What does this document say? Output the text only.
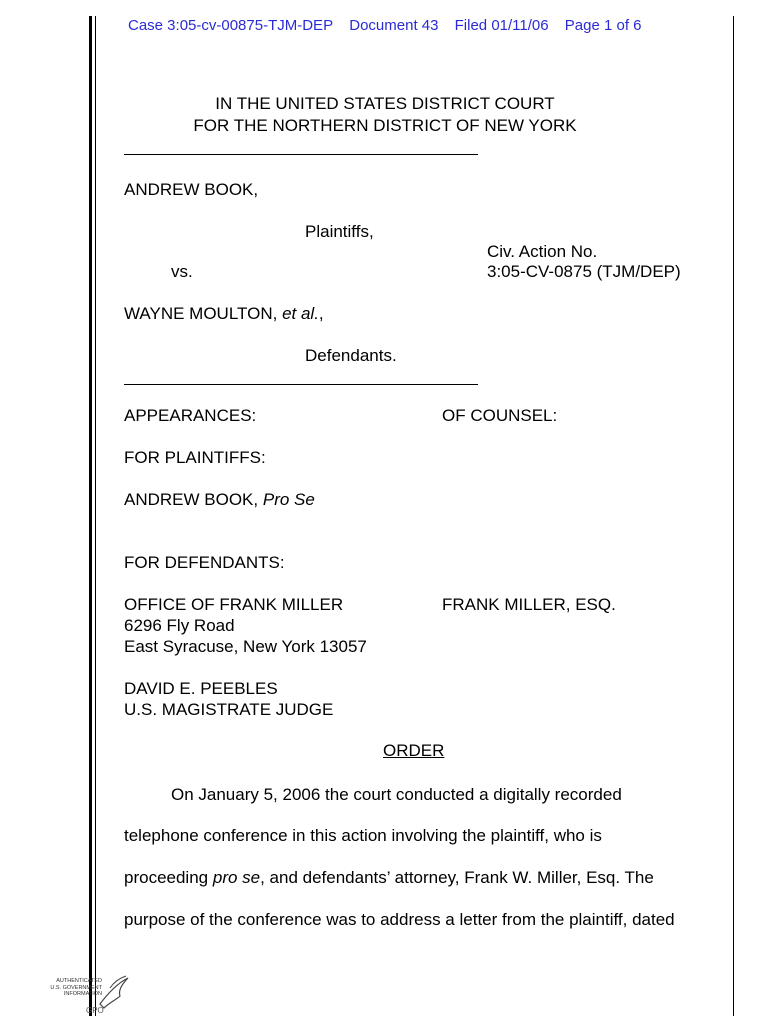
Case 3:05-cv-00875-TJM-DEP Document 43 Filed 01/11/06 Page 1 of 6
IN THE UNITED STATES DISTRICT COURT
FOR THE NORTHERN DISTRICT OF NEW YORK
ANDREW BOOK,
Plaintiffs,
Civ. Action No.
vs.	3:05-CV-0875 (TJM/DEP)
WAYNE MOULTON, et al.,
Defendants.
APPEARANCES:	OF COUNSEL:
FOR PLAINTIFFS:
ANDREW BOOK, Pro Se
FOR DEFENDANTS:
OFFICE OF FRANK MILLER	FRANK MILLER, ESQ.
6296 Fly Road
East Syracuse, New York 13057
DAVID E. PEEBLES
U.S. MAGISTRATE JUDGE
ORDER
On January 5, 2006 the court conducted a digitally recorded
telephone conference in this action involving the plaintiff, who is
proceeding pro se, and defendants’ attorney, Frank W. Miller, Esq. The
purpose of the conference was to address a letter from the plaintiff, dated
AUTHENTICATED
U.S. GOVERNMENT
INFORMATION
GPO
